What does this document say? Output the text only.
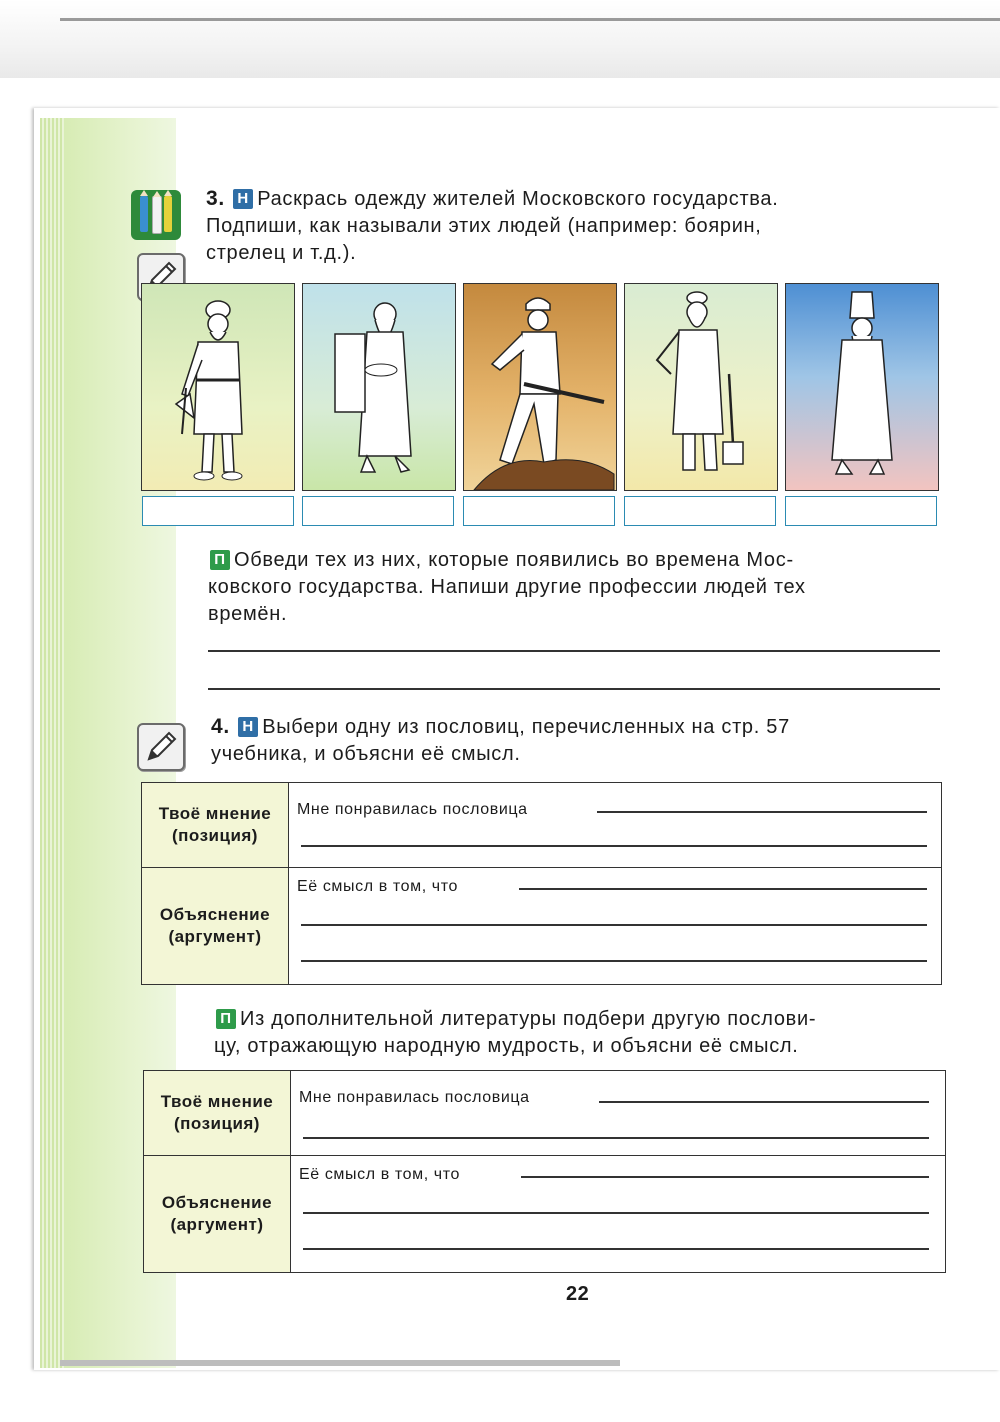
3. Н Раскрась одежду жителей Московского государства.
Подпиши, как называли этих людей (например: боярин,
стрелец и т.д.).
П Обведи тех из них, которые появились во времена Мос-
ковского государства. Напиши другие профессии людей тех
времён.
4. Н Выбери одну из пословиц, перечисленных на стр. 57
учебника, и объясни её смысл.
Твоё мнение
(позиция)	Мне понравилась пословица

Объяснение
(аргумент)	Её смысл в том, что
П Из дополнительной литературы подбери другую послови-
цу, отражающую народную мудрость, и объясни её смысл.
Твоё мнение
(позиция)	Мне понравилась пословица

Объяснение
(аргумент)	Её смысл в том, что
22
